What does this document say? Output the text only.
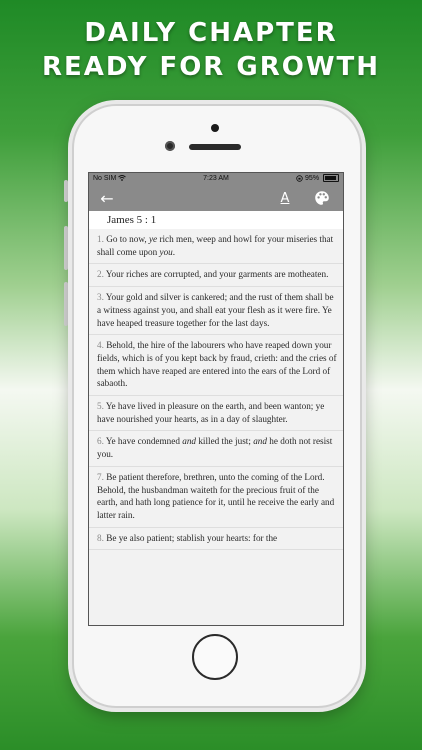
DAILY CHAPTER
READY FOR GROWTH
No SIM	7:23 AM	95%
←	A
James 5 : 1
1. Go to now, ye rich men, weep and howl for your miseries that shall come upon you.
2. Your riches are corrupted, and your garments are motheaten.
3. Your gold and silver is cankered; and the rust of them shall be a witness against you, and shall eat your flesh as it were fire. Ye have heaped treasure together for the last days.
4. Behold, the hire of the labourers who have reaped down your fields, which is of you kept back by fraud, crieth: and the cries of them which have reaped are entered into the ears of the Lord of sabaoth.
5. Ye have lived in pleasure on the earth, and been wanton; ye have nourished your hearts, as in a day of slaughter.
6. Ye have condemned and killed the just; and he doth not resist you.
7. Be patient therefore, brethren, unto the coming of the Lord. Behold, the husbandman waiteth for the precious fruit of the earth, and hath long patience for it, until he receive the early and latter rain.
8. Be ye also patient; stablish your hearts: for the
